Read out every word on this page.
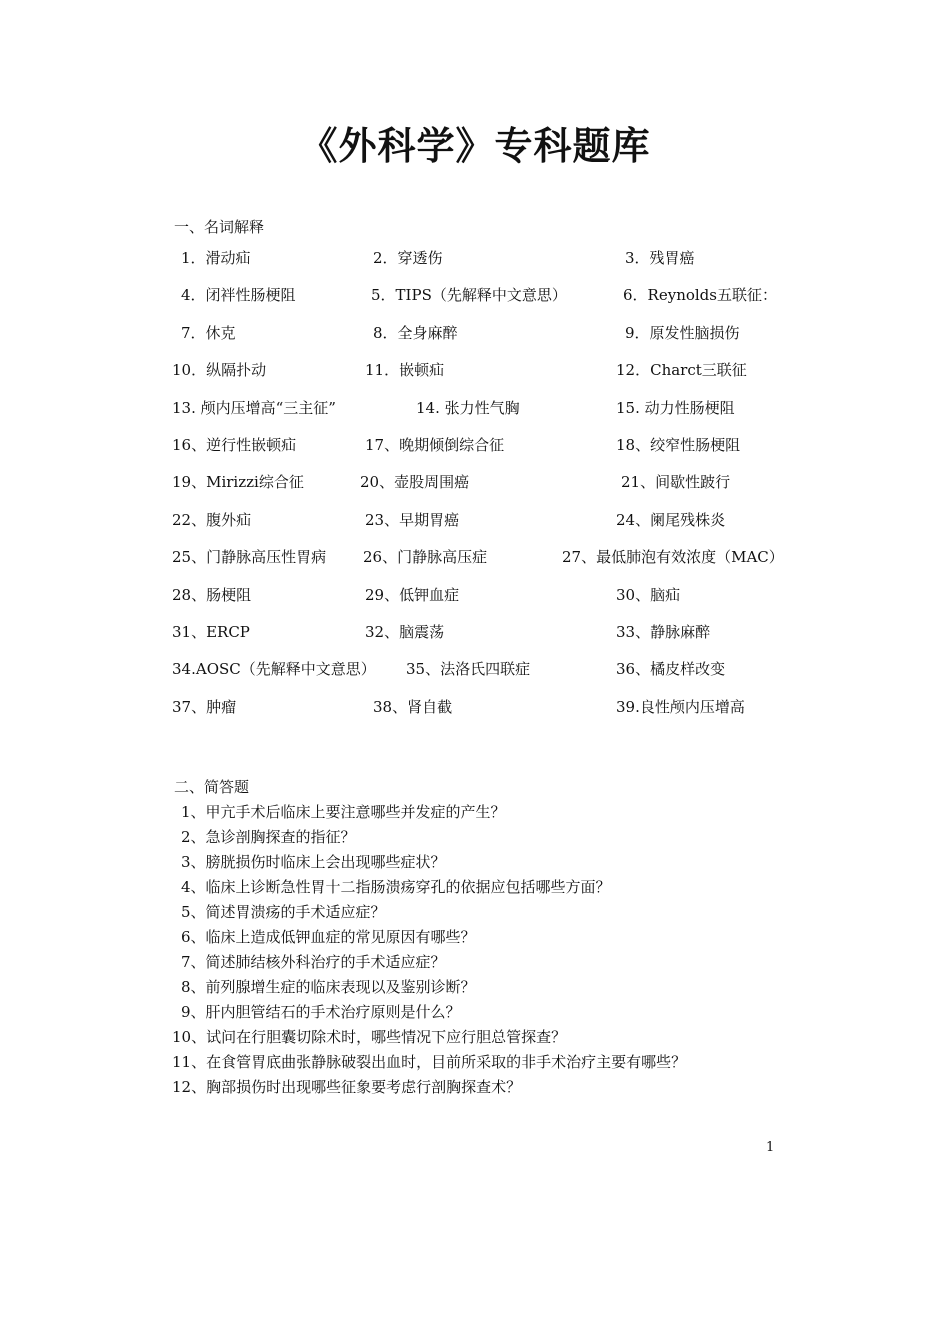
《外科学》专科题库
一、名词解释
1．滑动疝	2．穿透伤	3．残胃癌
4．闭袢性肠梗阻	5．TIPS（先解释中文意思）	6．Reynolds五联征：
7．休克	8．全身麻醉	9．原发性脑损伤
10．纵隔扑动	11．嵌顿疝	12．Charct三联征
13. 颅内压增高“三主征”	14. 张力性气胸	15. 动力性肠梗阻
16、逆行性嵌顿疝	17、晚期倾倒综合征	18、绞窄性肠梗阻
19、Mirizzi综合征	20、壶股周围癌	21、间歇性跛行
22、腹外疝	23、早期胃癌	24、阑尾残株炎
25、门静脉高压性胃病 26、门静脉高压症	27、最低肺泡有效浓度（MAC）
28、肠梗阻	29、低钾血症	30、脑疝
31、ERCP	32、脑震荡	33、静脉麻醉
34.AOSC（先解释中文意思） 35、法洛氏四联症	36、橘皮样改变
37、肿瘤	38、肾自截	39.良性颅内压增高
二、简答题
1、甲亢手术后临床上要注意哪些并发症的产生？
2、急诊剖胸探查的指征？
3、膀胱损伤时临床上会出现哪些症状？
4、临床上诊断急性胃十二指肠溃疡穿孔的依据应包括哪些方面？
5、简述胃溃疡的手术适应症？
6、临床上造成低钾血症的常见原因有哪些？
7、简述肺结核外科治疗的手术适应症？
8、前列腺增生症的临床表现以及鉴别诊断？
9、肝内胆管结石的手术治疗原则是什么？
10、试问在行胆囊切除术时，哪些情况下应行胆总管探查？
11、在食管胃底曲张静脉破裂出血时，目前所采取的非手术治疗主要有哪些？
12、胸部损伤时出现哪些征象要考虑行剖胸探查术？
1
